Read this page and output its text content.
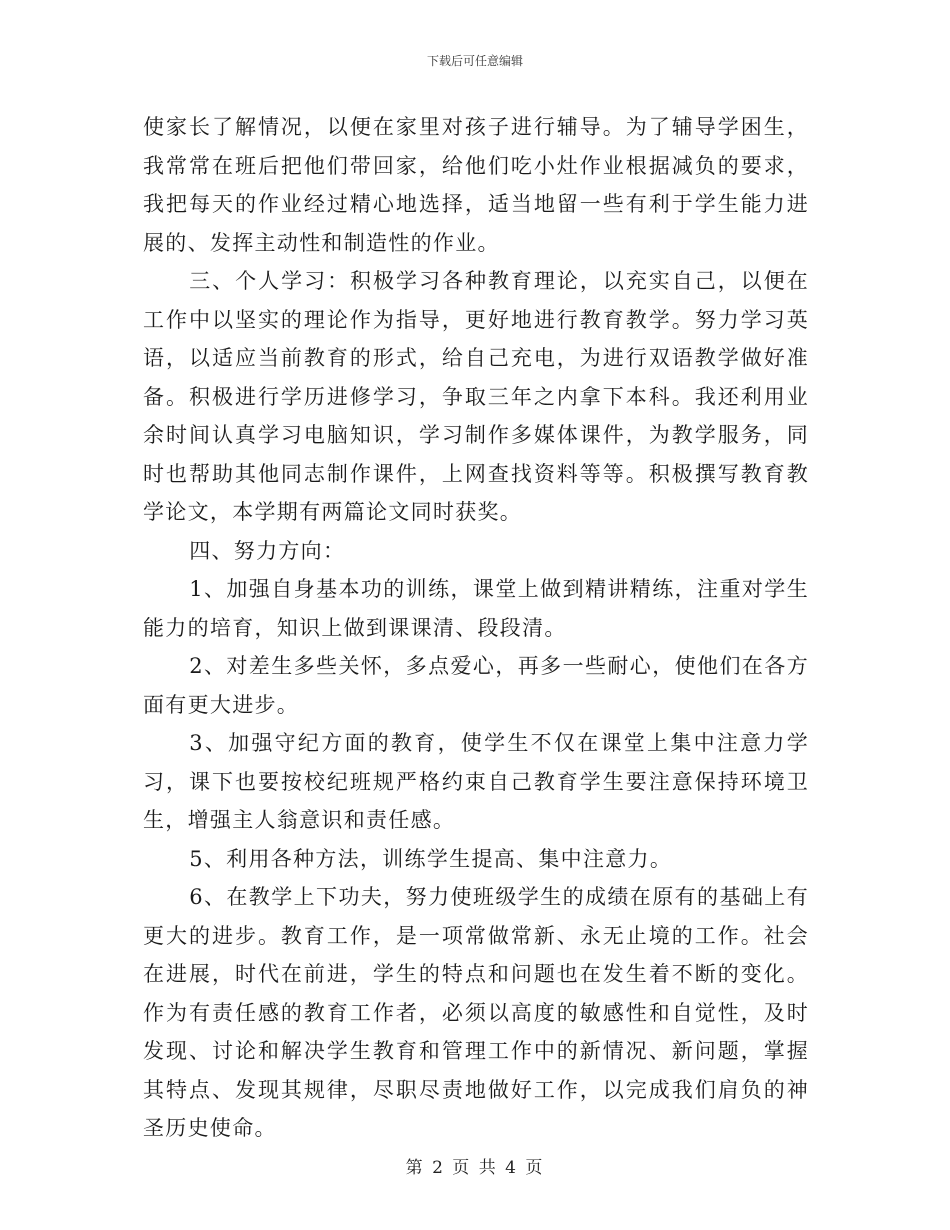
下载后可任意编辑

使家长了解情况，以便在家里对孩子进行辅导。为了辅导学困生，我常常在班后把他们带回家，给他们吃小灶作业根据减负的要求，我把每天的作业经过精心地选择，适当地留一些有利于学生能力进展的、发挥主动性和制造性的作业。

三、个人学习：积极学习各种教育理论，以充实自己，以便在工作中以坚实的理论作为指导，更好地进行教育教学。努力学习英语，以适应当前教育的形式，给自己充电，为进行双语教学做好准备。积极进行学历进修学习，争取三年之内拿下本科。我还利用业余时间认真学习电脑知识，学习制作多媒体课件，为教学服务，同时也帮助其他同志制作课件，上网查找资料等等。积极撰写教育教学论文，本学期有两篇论文同时获奖。

四、努力方向：

1、加强自身基本功的训练，课堂上做到精讲精练，注重对学生能力的培育，知识上做到课课清、段段清。

2、对差生多些关怀，多点爱心，再多一些耐心，使他们在各方面有更大进步。

3、加强守纪方面的教育，使学生不仅在课堂上集中注意力学习，课下也要按校纪班规严格约束自己教育学生要注意保持环境卫生，增强主人翁意识和责任感。

5、利用各种方法，训练学生提高、集中注意力。

6、在教学上下功夫，努力使班级学生的成绩在原有的基础上有更大的进步。教育工作，是一项常做常新、永无止境的工作。社会在进展，时代在前进，学生的特点和问题也在发生着不断的变化。作为有责任感的教育工作者，必须以高度的敏感性和自觉性，及时发现、讨论和解决学生教育和管理工作中的新情况、新问题，掌握其特点、发现其规律，尽职尽责地做好工作，以完成我们肩负的神圣历史使命。

第 2 页 共 4 页
